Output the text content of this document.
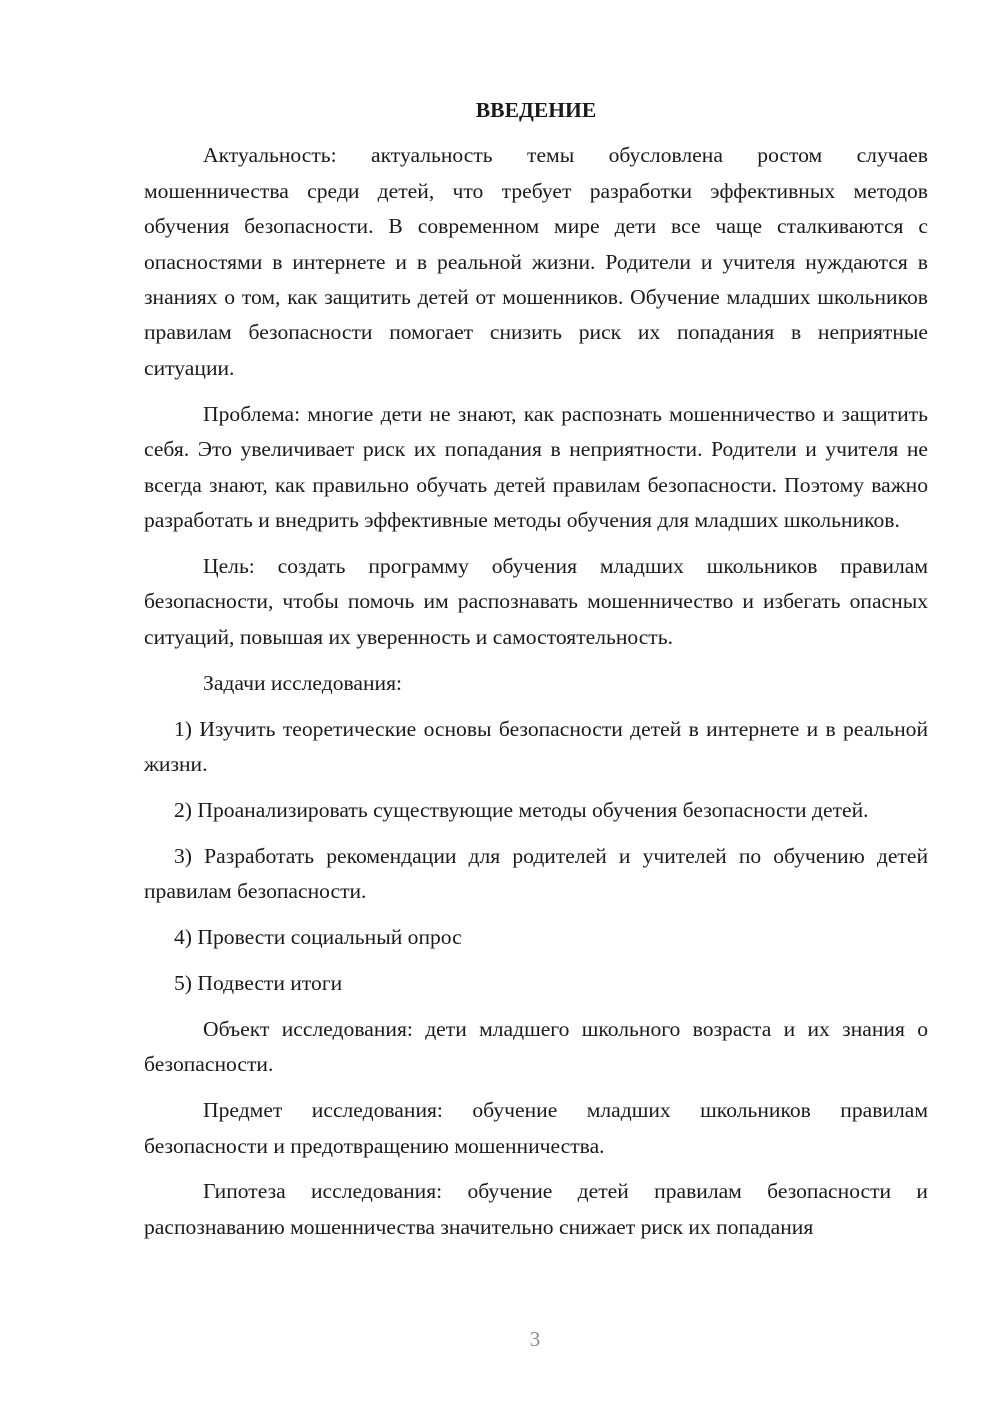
ВВЕДЕНИЕ

Актуальность: актуальность темы обусловлена ростом случаев мошенничества среди детей, что требует разработки эффективных методов обучения безопасности. В современном мире дети все чаще сталкиваются с опасностями в интернете и в реальной жизни. Родители и учителя нуждаются в знаниях о том, как защитить детей от мошенников. Обучение младших школьников правилам безопасности помогает снизить риск их попадания в неприятные ситуации.

Проблема: многие дети не знают, как распознать мошенничество и защитить себя. Это увеличивает риск их попадания в неприятности. Родители и учителя не всегда знают, как правильно обучать детей правилам безопасности. Поэтому важно разработать и внедрить эффективные методы обучения для младших школьников.

Цель: создать программу обучения младших школьников правилам безопасности, чтобы помочь им распознавать мошенничество и избегать опасных ситуаций, повышая их уверенность и самостоятельность.

Задачи исследования:

1) Изучить теоретические основы безопасности детей в интернете и в реальной жизни.

2) Проанализировать существующие методы обучения безопасности детей.

3) Разработать рекомендации для родителей и учителей по обучению детей правилам безопасности.

4) Провести социальный опрос

5) Подвести итоги

Объект исследования: дети младшего школьного возраста и их знания о безопасности.

Предмет исследования: обучение младших школьников правилам безопасности и предотвращению мошенничества.

Гипотеза исследования: обучение детей правилам безопасности и распознаванию мошенничества значительно снижает риск их попадания

3
